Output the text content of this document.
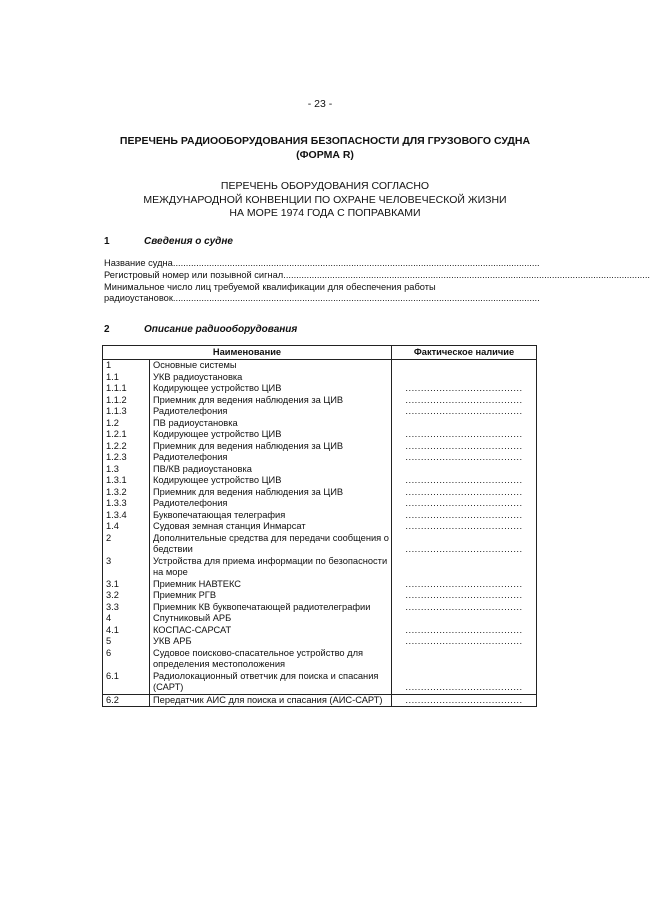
- 23 -
ПЕРЕЧЕНЬ РАДИООБОРУДОВАНИЯ БЕЗОПАСНОСТИ ДЛЯ ГРУЗОВОГО СУДНА
(ФОРМА R)
ПЕРЕЧЕНЬ ОБОРУДОВАНИЯ СОГЛАСНО
МЕЖДУНАРОДНОЙ КОНВЕНЦИИ ПО ОХРАНЕ ЧЕЛОВЕЧЕСКОЙ ЖИЗНИ
НА МОРЕ 1974 ГОДА С ПОПРАВКАМИ
1	Сведения о судне
Название судна..............................................................................................................................................
Регистровый номер или позывной сигнал..............................................................................................................................................
Минимальное число лиц требуемой квалификации для обеспечения работы
радиоустановок..............................................................................................................................................
2	Описание радиооборудования
Наименование		Фактическое наличие
1	Основные системы	
1.1	УКВ радиоустановка	
1.1.1	Кодирующее устройство ЦИВ	......................................
1.1.2	Приемник для ведения наблюдения за ЦИВ	......................................
1.1.3	Радиотелефония	......................................
1.2	ПВ радиоустановка	
1.2.1	Кодирующее устройство ЦИВ	......................................
1.2.2	Приемник для ведения наблюдения за ЦИВ	......................................
1.2.3	Радиотелефония	......................................
1.3	ПВ/КВ радиоустановка	
1.3.1	Кодирующее устройство ЦИВ	......................................
1.3.2	Приемник для ведения наблюдения за ЦИВ	......................................
1.3.3	Радиотелефония	......................................
1.3.4	Буквопечатающая телеграфия	......................................
1.4	Судовая земная станция Инмарсат	......................................
2	Дополнительные средства для передачи сообщения о бедствии	......................................
3	Устройства для приема информации по безопасности на море	
3.1	Приемник НАВТЕКС	......................................
3.2	Приемник РГВ	......................................
3.3	Приемник КВ буквопечатающей радиотелеграфии	......................................
4	Спутниковый АРБ	
4.1	КОСПАС-САРСАТ	......................................
5	УКВ АРБ	......................................
6	Судовое поисково-спасательное устройство для определения местоположения	
6.1	Радиолокационный ответчик для поиска и спасания (САРТ)	......................................
6.2	Передатчик АИС для поиска и спасания (АИС-САРТ)	......................................
